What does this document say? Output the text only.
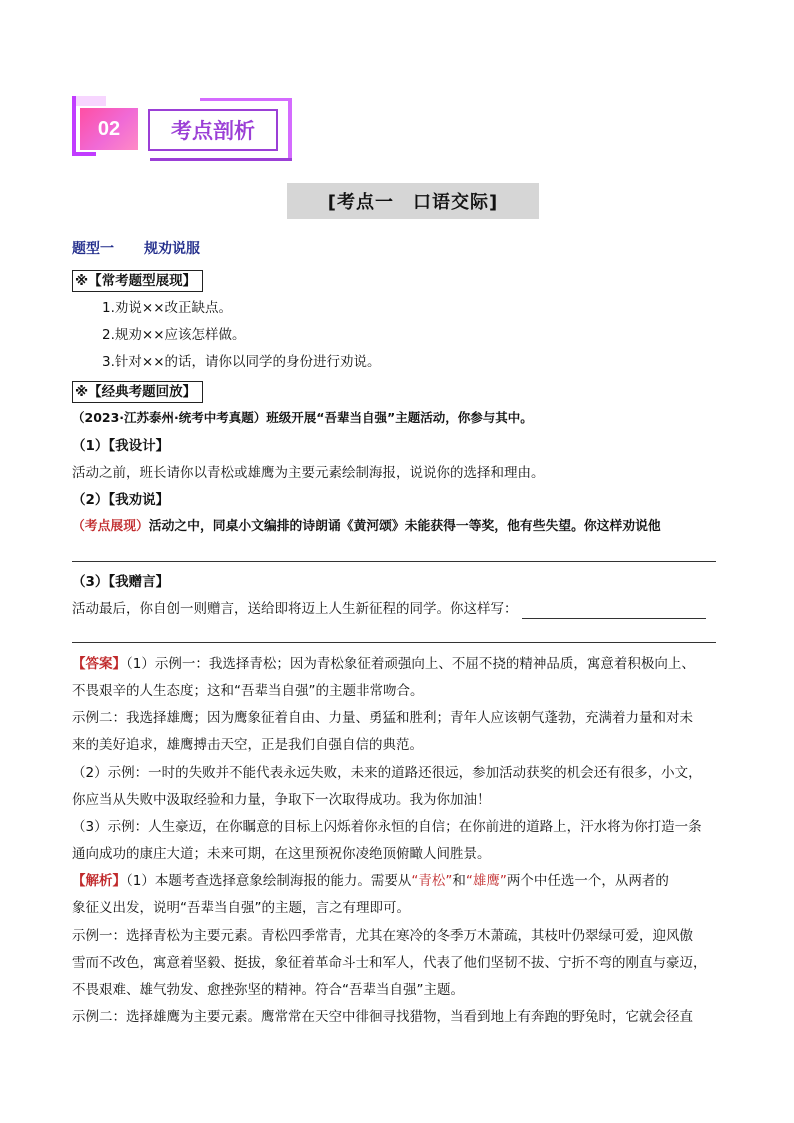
02	考点剖析
[考点一　口语交际]
题型一 规劝说服
※【常考题型展现】
1.劝说××改正缺点。
2.规劝××应该怎样做。
3.针对××的话，请你以同学的身份进行劝说。
※【经典考题回放】
（2023·江苏泰州·统考中考真题）班级开展“吾辈当自强”主题活动，你参与其中。
（1）【我设计】
活动之前，班长请你以青松或雄鹰为主要元素绘制海报，说说你的选择和理由。
（2）【我劝说】
（考点展现）活动之中，同桌小文编排的诗朗诵《黄河颂》未能获得一等奖，他有些失望。你这样劝说他
（3）【我赠言】
活动最后，你自创一则赠言，送给即将迈上人生新征程的同学。你这样写：
【答案】（1）示例一：我选择青松；因为青松象征着顽强向上、不屈不挠的精神品质，寓意着积极向上、
不畏艰辛的人生态度；这和“吾辈当自强”的主题非常吻合。
示例二：我选择雄鹰；因为鹰象征着自由、力量、勇猛和胜利；青年人应该朝气蓬勃，充满着力量和对未
来的美好追求，雄鹰搏击天空，正是我们自强自信的典范。
（2）示例：一时的失败并不能代表永远失败，未来的道路还很远，参加活动获奖的机会还有很多，小文，
你应当从失败中汲取经验和力量，争取下一次取得成功。我为你加油！
（3）示例：人生豪迈，在你瞩意的目标上闪烁着你永恒的自信；在你前进的道路上，汗水将为你打造一条
通向成功的康庄大道；未来可期，在这里预祝你凌绝顶俯瞰人间胜景。
【解析】（1）本题考查选择意象绘制海报的能力。需要从“青松”和“雄鹰”两个中任选一个，从两者的
象征义出发，说明“吾辈当自强”的主题，言之有理即可。
示例一：选择青松为主要元素。青松四季常青，尤其在寒冷的冬季万木萧疏，其枝叶仍翠绿可爱，迎风傲
雪而不改色，寓意着坚毅、挺拔，象征着革命斗士和军人，代表了他们坚韧不拔、宁折不弯的刚直与豪迈，
不畏艰难、雄气勃发、愈挫弥坚的精神。符合“吾辈当自强”主题。
示例二：选择雄鹰为主要元素。鹰常常在天空中徘徊寻找猎物，当看到地上有奔跑的野兔时，它就会径直
